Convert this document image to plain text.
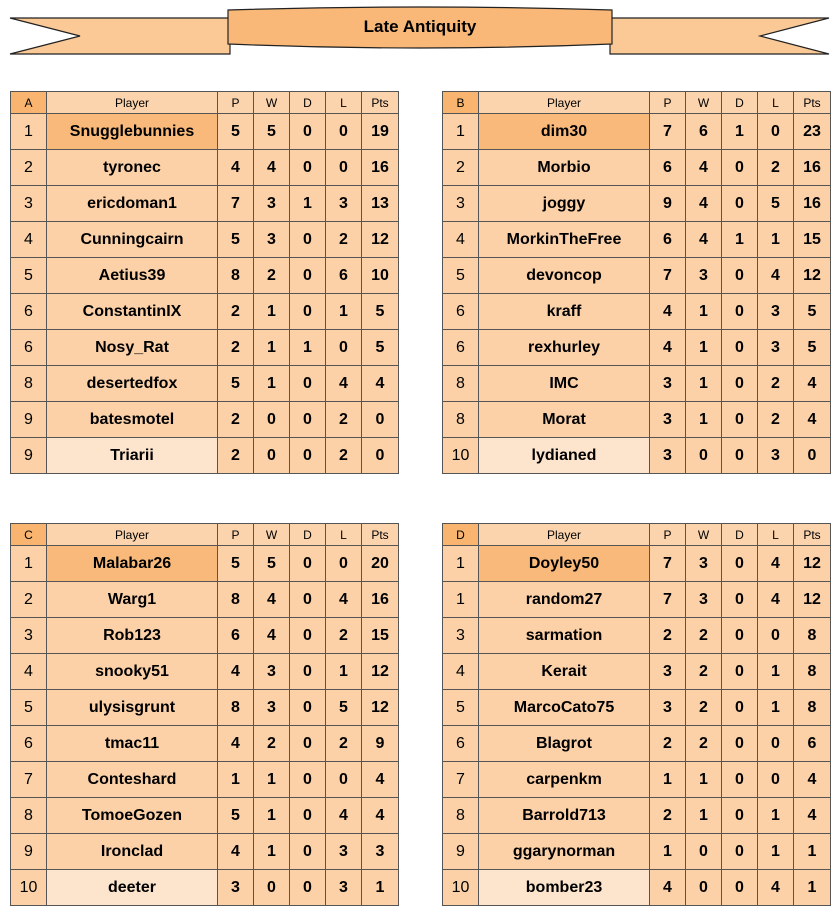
Late Antiquity
A	Player	P	W	D	L	Pts
1	Snugglebunnies	5	5	0	0	19
2	tyronec	4	4	0	0	16
3	ericdoman1	7	3	1	3	13
4	Cunningcairn	5	3	0	2	12
5	Aetius39	8	2	0	6	10
6	ConstantinIX	2	1	0	1	5
6	Nosy_Rat	2	1	1	0	5
8	desertedfox	5	1	0	4	4
9	batesmotel	2	0	0	2	0
9	Triarii	2	0	0	2	0
B	Player	P	W	D	L	Pts
1	dim30	7	6	1	0	23
2	Morbio	6	4	0	2	16
3	joggy	9	4	0	5	16
4	MorkinTheFree	6	4	1	1	15
5	devoncop	7	3	0	4	12
6	kraff	4	1	0	3	5
6	rexhurley	4	1	0	3	5
8	IMC	3	1	0	2	4
8	Morat	3	1	0	2	4
10	lydianed	3	0	0	3	0
C	Player	P	W	D	L	Pts
1	Malabar26	5	5	0	0	20
2	Warg1	8	4	0	4	16
3	Rob123	6	4	0	2	15
4	snooky51	4	3	0	1	12
5	ulysisgrunt	8	3	0	5	12
6	tmac11	4	2	0	2	9
7	Conteshard	1	1	0	0	4
8	TomoeGozen	5	1	0	4	4
9	Ironclad	4	1	0	3	3
10	deeter	3	0	0	3	1
D	Player	P	W	D	L	Pts
1	Doyley50	7	3	0	4	12
1	random27	7	3	0	4	12
3	sarmation	2	2	0	0	8
4	Kerait	3	2	0	1	8
5	MarcoCato75	3	2	0	1	8
6	Blagrot	2	2	0	0	6
7	carpenkm	1	1	0	0	4
8	Barrold713	2	1	0	1	4
9	ggarynorman	1	0	0	1	1
10	bomber23	4	0	0	4	1
